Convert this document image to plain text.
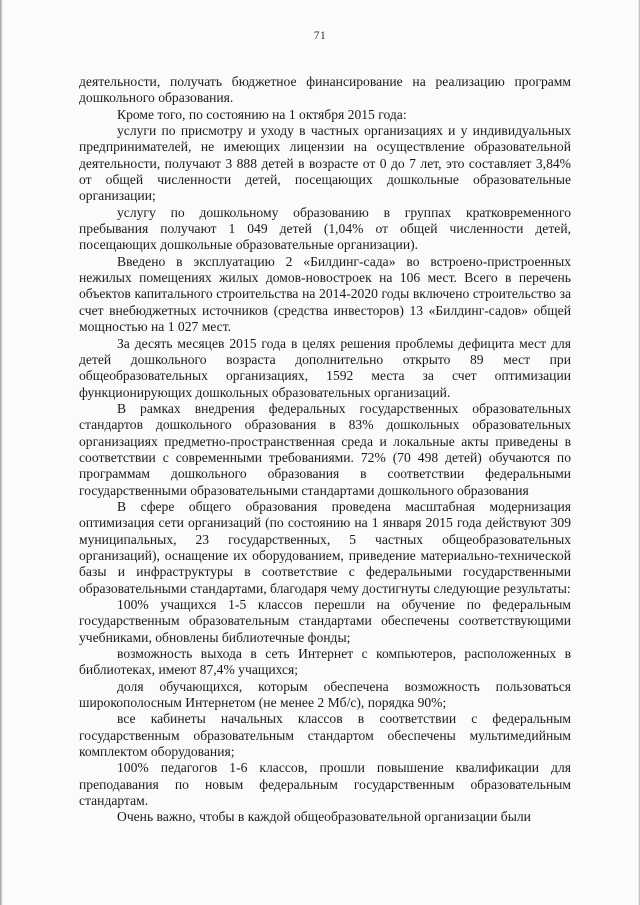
71

деятельности, получать бюджетное финансирование на реализацию программ дошкольного образования.

Кроме того, по состоянию на 1 октября 2015 года:

услуги по присмотру и уходу в частных организациях и у индивидуальных предпринимателей, не имеющих лицензии на осуществление образовательной деятельности, получают 3 888 детей в возрасте от 0 до 7 лет, это составляет 3,84% от общей численности детей, посещающих дошкольные образовательные организации;

услугу по дошкольному образованию в группах кратковременного пребывания получают 1 049 детей (1,04% от общей численности детей, посещающих дошкольные образовательные организации).

Введено в эксплуатацию 2 «Билдинг-сада» во встроено-пристроенных нежилых помещениях жилых домов-новостроек на 106 мест. Всего в перечень объектов капитального строительства на 2014-2020 годы включено строительство за счет внебюджетных источников (средства инвесторов) 13 «Билдинг-садов» общей мощностью на 1 027 мест.

За десять месяцев 2015 года в целях решения проблемы дефицита мест для детей дошкольного возраста дополнительно открыто 89 мест при общеобразовательных организациях, 1592 места за счет оптимизации функционирующих дошкольных образовательных организаций.

В рамках внедрения федеральных государственных образовательных стандартов дошкольного образования в 83% дошкольных образовательных организациях предметно-пространственная среда и локальные акты приведены в соответствии с современными требованиями. 72% (70 498 детей) обучаются по программам дошкольного образования в соответствии федеральными государственными образовательными стандартами дошкольного образования

В сфере общего образования проведена масштабная модернизация оптимизация сети организаций (по состоянию на 1 января 2015 года действуют 309 муниципальных, 23 государственных, 5 частных общеобразовательных организаций), оснащение их оборудованием, приведение материально-технической базы и инфраструктуры в соответствие с федеральными государственными образовательными стандартами, благодаря чему достигнуты следующие результаты:

100% учащихся 1-5 классов перешли на обучение по федеральным государственным образовательным стандартами обеспечены соответствующими учебниками, обновлены библиотечные фонды;

возможность выхода в сеть Интернет с компьютеров, расположенных в библиотеках, имеют 87,4% учащихся;

доля обучающихся, которым обеспечена возможность пользоваться широкополосным Интернетом (не менее 2 Мб/с), порядка 90%;

все кабинеты начальных классов в соответствии с федеральным государственным образовательным стандартом обеспечены мультимедийным комплектом оборудования;

100% педагогов 1-6 классов, прошли повышение квалификации для преподавания по новым федеральным государственным образовательным стандартам.

Очень важно, чтобы в каждой общеобразовательной организации были
